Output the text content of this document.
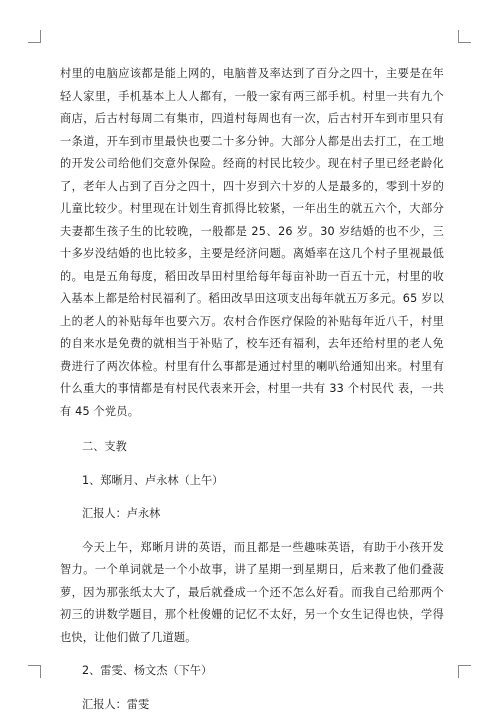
村里的电脑应该都是能上网的，电脑普及率达到了百分之四十，主要是在年轻人家里，手机基本上人人都有，一般一家有两三部手机。村里一共有九个商店，后古村每周二有集市，四道村每周也有一次，后古村开车到市里只有一条道，开车到市里最快也要二十多分钟。大部分人都是出去打工，在工地的开发公司给他们交意外保险。经商的村民比较少。现在村子里已经老龄化了，老年人占到了百分之四十，四十岁到六十岁的人是最多的，零到十岁的儿童比较少。村里现在计划生育抓得比较紧，一年出生的就五六个，大部分夫妻都生孩子生的比较晚，一般都是 25、26 岁。30 岁结婚的也不少，三十多岁没结婚的也比较多，主要是经济问题。离婚率在这几个村子里视最低的。电是五角每度，稻田改旱田村里给每年每亩补助一百五十元，村里的收入基本上都是给村民福利了。稻田改旱田这项支出每年就五万多元。65 岁以上的老人的补贴每年也要六万。农村合作医疗保险的补贴每年近八千，村里的自来水是免费的就相当于补贴了，校车还有福利，去年还给村里的老人免费进行了两次体检。村里有什么事都是通过村里的喇叭给通知出来。村里有什么重大的事情都是有村民代表来开会，村里一共有 33 个村民代 表，一共有 45 个党员。

二、支教

1、郑晰月、卢永林（上午）

汇报人：卢永林

今天上午，郑晰月讲的英语，而且都是一些趣味英语，有助于小孩开发智力。一个单词就是一个小故事，讲了星期一到星期日，后来教了他们叠菠萝，因为那张纸太大了，最后就叠成一个还不怎么好看。而我自己给那两个初三的讲数学题目，那个杜俊姗的记忆不太好，另一个女生记得也快，学得也快，让他们做了几道题。

2、雷雯、杨文杰（下午）

汇报人：雷雯
